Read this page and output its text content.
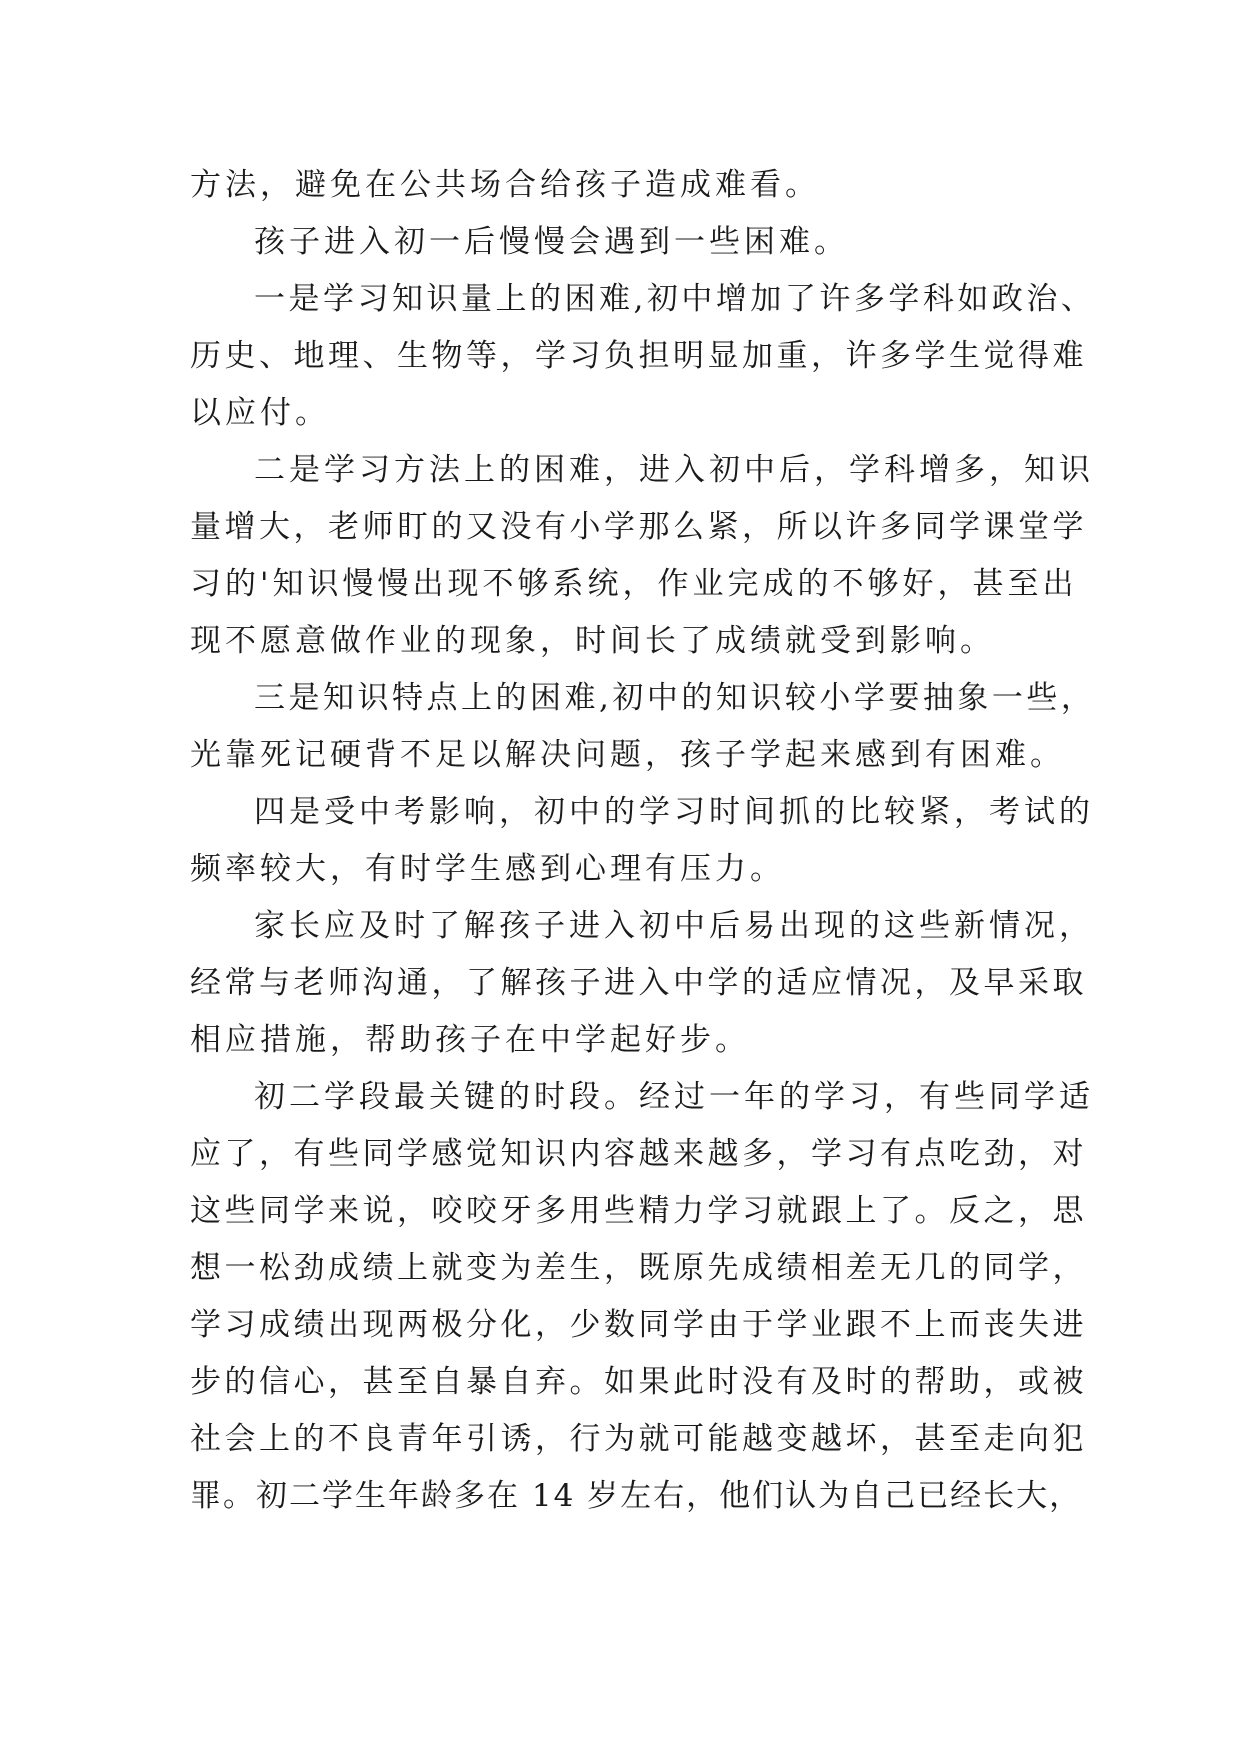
方法，避免在公共场合给孩子造成难看。
孩子进入初一后慢慢会遇到一些困难。
一是学习知识量上的困难,初中增加了许多学科如政治、
历史、地理、生物等，学习负担明显加重，许多学生觉得难
以应付。
二是学习方法上的困难，进入初中后，学科增多，知识
量增大，老师盯的又没有小学那么紧，所以许多同学课堂学
习的'知识慢慢出现不够系统，作业完成的不够好，甚至出
现不愿意做作业的现象，时间长了成绩就受到影响。
三是知识特点上的困难,初中的知识较小学要抽象一些，
光靠死记硬背不足以解决问题，孩子学起来感到有困难。
四是受中考影响，初中的学习时间抓的比较紧，考试的
频率较大，有时学生感到心理有压力。
家长应及时了解孩子进入初中后易出现的这些新情况，
经常与老师沟通，了解孩子进入中学的适应情况，及早采取
相应措施，帮助孩子在中学起好步。
初二学段最关键的时段。经过一年的学习，有些同学适
应了，有些同学感觉知识内容越来越多，学习有点吃劲，对
这些同学来说，咬咬牙多用些精力学习就跟上了。反之，思
想一松劲成绩上就变为差生，既原先成绩相差无几的同学，
学习成绩出现两极分化，少数同学由于学业跟不上而丧失进
步的信心，甚至自暴自弃。如果此时没有及时的帮助，或被
社会上的不良青年引诱，行为就可能越变越坏，甚至走向犯
罪。初二学生年龄多在 14 岁左右，他们认为自己已经长大，
